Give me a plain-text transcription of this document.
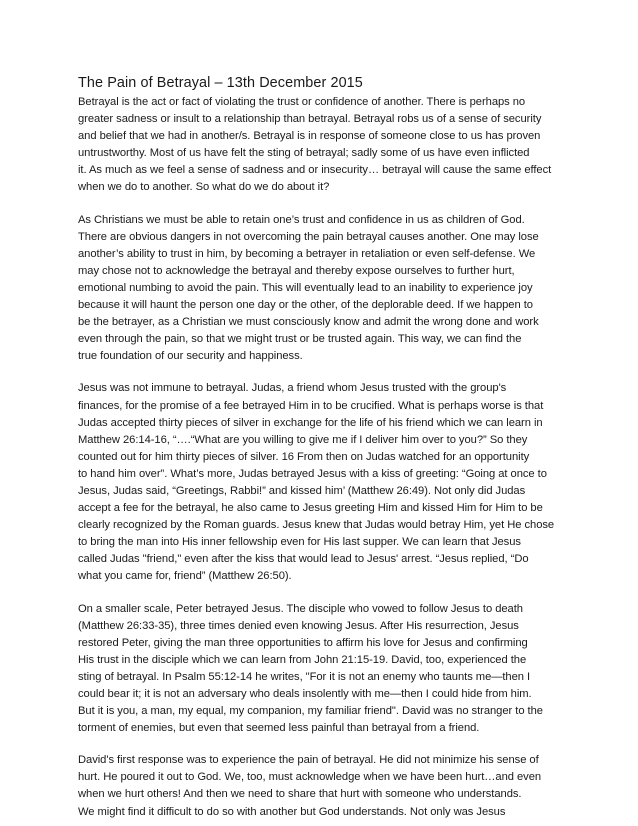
The Pain of Betrayal – 13th December 2015
Betrayal is the act or fact of violating the trust or confidence of another. There is perhaps no
greater sadness or insult to a relationship than betrayal. Betrayal robs us of a sense of security
and belief that we had in another/s. Betrayal is in response of someone close to us has proven
untrustworthy. Most of us have felt the sting of betrayal; sadly some of us have even inflicted
it. As much as we feel a sense of sadness and or insecurity… betrayal will cause the same effect
when we do to another. So what do we do about it?
As Christians we must be able to retain one’s trust and confidence in us as children of God.
There are obvious dangers in not overcoming the pain betrayal causes another. One may lose
another’s ability to trust in him, by becoming a betrayer in retaliation or even self-defense. We
may chose not to acknowledge the betrayal and thereby expose ourselves to further hurt,
emotional numbing to avoid the pain. This will eventually lead to an inability to experience joy
because it will haunt the person one day or the other, of the deplorable deed. If we happen to
be the betrayer, as a Christian we must consciously know and admit the wrong done and work
even through the pain, so that we might trust or be trusted again. This way, we can find the
true foundation of our security and happiness.
Jesus was not immune to betrayal. Judas, a friend whom Jesus trusted with the group's
finances, for the promise of a fee betrayed Him in to be crucified. What is perhaps worse is that
Judas accepted thirty pieces of silver in exchange for the life of his friend which we can learn in
Matthew 26:14-16, “….“What are you willing to give me if I deliver him over to you?” So they
counted out for him thirty pieces of silver. 16 From then on Judas watched for an opportunity
to hand him over”. What’s more, Judas betrayed Jesus with a kiss of greeting: “Going at once to
Jesus, Judas said, “Greetings, Rabbi!” and kissed him’ (Matthew 26:49). Not only did Judas
accept a fee for the betrayal, he also came to Jesus greeting Him and kissed Him for Him to be
clearly recognized by the Roman guards. Jesus knew that Judas would betray Him, yet He chose
to bring the man into His inner fellowship even for His last supper. We can learn that Jesus
called Judas "friend," even after the kiss that would lead to Jesus' arrest. “Jesus replied, “Do
what you came for, friend” (Matthew 26:50).
On a smaller scale, Peter betrayed Jesus. The disciple who vowed to follow Jesus to death
(Matthew 26:33-35), three times denied even knowing Jesus. After His resurrection, Jesus
restored Peter, giving the man three opportunities to affirm his love for Jesus and confirming
His trust in the disciple which we can learn from John 21:15-19. David, too, experienced the
sting of betrayal. In Psalm 55:12-14 he writes, "For it is not an enemy who taunts me—then I
could bear it; it is not an adversary who deals insolently with me—then I could hide from him.
But it is you, a man, my equal, my companion, my familiar friend". David was no stranger to the
torment of enemies, but even that seemed less painful than betrayal from a friend.
David's first response was to experience the pain of betrayal. He did not minimize his sense of
hurt. He poured it out to God. We, too, must acknowledge when we have been hurt…and even
when we hurt others! And then we need to share that hurt with someone who understands.
We might find it difficult to do so with another but God understands. Not only was Jesus
